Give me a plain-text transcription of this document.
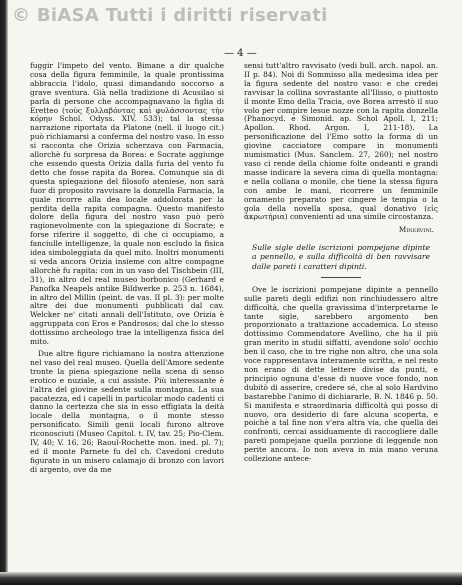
© BiASA Tutti i diritti riservati
— 4 —

fuggir l'impeto del vento. Bimane a dir qualche cosa della figura femminile, la quale prontissima abbraccia l'idolo, quasi dimandando soccorso a grave sventura. Già nella tradizione di Acusilao si parla di persone che accompagnavano la figlia di Eretteo (τοὺς ξυλλαβόντας καὶ φυλάσσοντας τὴν κόρην Schol. Odyss. XIV, 533); tal la stessa narrazione riportata da Platone (nell. il luogo cit.) può richiamarsi a conferma del nostro vaso. In esso si racconta che Orizia scherzava con Farmacia, allorchè fu sorpresa da Borea: e Socrate aggiunge che essendo questa Orizia dalla furia del vento fu detto che fosse rapita da Borea. Comunque sia di questa spiegazione del filosofo ateniese, non sarà fuor di proposito ravvisare la donzella Farmacia, la quale ricorre alla dea locale addolorata per la perdita della rapita compagna. Questo manifesto dolore della figura del nostro vaso può però ragionevolmente con la spiegazione di Socrate; e forse riferire il soggetto, di che ci occupiamo, a fanciulle intelligenze, la quale non escludo la fisica idea simboleggiata da quel mito. Inoltri monumenti si veda ancora Orizia insieme con altre compagne allorchè fu rapita: con in un vaso del Tischbein (III, 31), in altro del real museo borbonico (Gerhard e Panofka Neapels antike Bildwerke p. 253 n. 1684), in altro del Millin (peint. de vas. II pl. 3): per molte altre dei due monumenti pubblicati dal cav. Welcker ne' citati annali dell'Istituto, ove Orizia è aggruppata con Eros e Pandrosos; dal che lo stesso dottissimo archeologo trae la intelligenza fisica del mito.

Due altre figure richiamano la nostra attenzione nel vaso del real museo. Quella dell'Amore sedente tronte la piena spiegazione nella scena di senso erotico e nuziale, a cui assiste. Più interessante è l'altra del giovine sedente sulla montagna. La sua pacatezza, ed i capelli in particolar modo cadenti ci danno la certezza che sia in esso effigiata la deità locale della montagna, o il monte stesso personificato. Simili genii locali furono altrove riconosciuti (Museo Capitol. t. IV, tav. 25; Pio-Clem. IV, 40; V. 16, 26; Raoul-Rochette mon. ined. pl. 7); ed il monte Parnete fu del ch. Cavedoni creduto figurato in un misero calamajo di bronzo con lavori di argento, ove da me

sensi tutt'altro ravvisato (vedi bull. arch. napol. an. II p. 84). Noi di Sommisso alla medesima idea per la figura sedente del nostro vaso: e che credei ravvisar la collina sovrastante all'Ilisso, o piuttosto il monte Emo della Tracia, ove Borea arrestò il suo volo per compire lesue nozze con la rapita donzella (Phanocyd. e Simonid. ap. Schol Apoll. I, 211; Apollon. Rhod. Argon. I, 211-18). La personificazione del l'Emo sotto la forma di un giovine cacciatore compare in monumenti numismatici (Mus. Sanclem. 27, 260); nel nostro vaso ci rende della chiome folte ondeanti e grandi masse indicare la severa cima di quella montagna: e nella collana o monile, che tiene la stessa figura con ambe le mani, ricorrere un femminile ornamento preparato per cingere le tempia o la gola della novella sposa, qual donativo (εἰς ἀκρωτήρια) convenienti ad una simile circostanza.

Minervini.
Sulle sigle delle iscrizioni pompejane dipinte a pennello, e sulla difficoltà di ben ravvisare dalle pareti i caratteri dipinti.

Ove le iscrizioni pompejane dipinte a pennello sulle pareti degli edifizi non rinchiudessero altre difficoltà, che quella gravissima d'interpretarne le tante sigle, sarebbero argomento ben proporzionato a trattazione accademica. Lo stesso dottissimo Commendatore Avellino, che ha il più gran merito in studii siffatti, avendone solo' occhio ben il caso, che in tre righe non altro, che una sola voce rappresentava interamente scritta, e nel resto non erano di dette lettere divise da punti, e principio ognuna d'esse di nuove voce fondo, non dubitò di asserire, credere sé, che al solo Hardvino bastarebbe l'animo di dichiararle, B. N. 1846 p. 50. Si manifesta e straordinaria difficoltà qui posso di nuovo, ora desiderio di fare alcuna scoperta, e poichè a tal fine non v'era altra via, che quella dei confronti, cercai assiduamente di raccogliere dalle pareti pompejane quella porzione di leggende non perite ancora. Io non aveva in mia mano veruna collezione antece-
